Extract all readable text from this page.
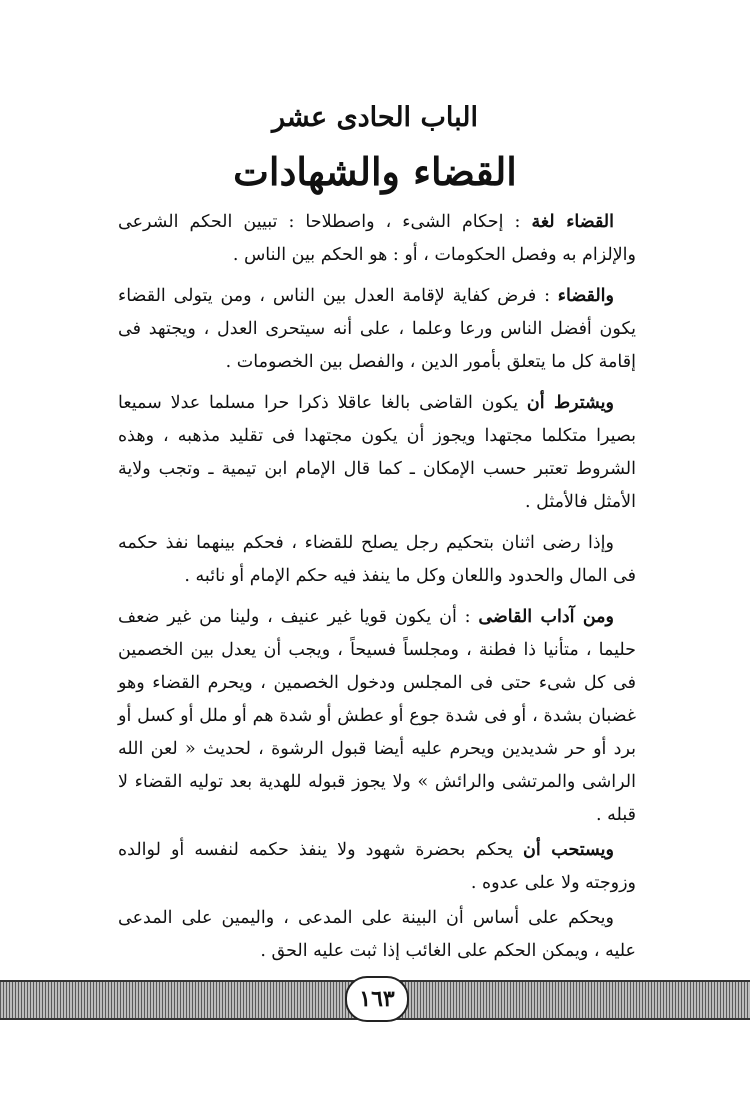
الباب الحادى عشر
القضاء والشهادات

القضاء لغة : إحكام الشىء ، واصطلاحا : تبيين الحكم الشرعى والإلزام به وفصل الحكومات ، أو : هو الحكم بين الناس .

والقضاء : فرض كفاية لإقامة العدل بين الناس ، ومن يتولى القضاء يكون أفضل الناس ورعا وعلما ، على أنه سيتحرى العدل ، ويجتهد فى إقامة كل ما يتعلق بأمور الدين ، والفصل بين الخصومات .

ويشترط أن يكون القاضى بالغا عاقلا ذكرا حرا مسلما عدلا سميعا بصيرا متكلما مجتهدا ويجوز أن يكون مجتهدا فى تقليد مذهبه ، وهذه الشروط تعتبر حسب الإمكان ـ كما قال الإمام ابن تيمية ـ وتجب ولاية الأمثل فالأمثل .

وإذا رضى اثنان بتحكيم رجل يصلح للقضاء ، فحكم بينهما نفذ حكمه فى المال والحدود واللعان وكل ما ينفذ فيه حكم الإمام أو نائبه .

ومن آداب القاضى : أن يكون قويا غير عنيف ، ولينا من غير ضعف حليما ، متأنيا ذا فطنة ، ومجلساً فسيحاً ، ويجب أن يعدل بين الخصمين فى كل شىء حتى فى المجلس ودخول الخصمين ، ويحرم القضاء وهو غضبان بشدة ، أو فى شدة جوع أو عطش أو شدة هم أو ملل أو كسل أو برد أو حر شديدين ويحرم عليه أيضا قبول الرشوة ، لحديث « لعن الله الراشى والمرتشى والرائش » ولا يجوز قبوله للهدية بعد توليه القضاء لا قبله .

ويستحب أن يحكم بحضرة شهود ولا ينفذ حكمه لنفسه أو لوالده وزوجته ولا على عدوه .

ويحكم على أساس أن البينة على المدعى ، واليمين على المدعى عليه ، ويمكن الحكم على الغائب إذا ثبت عليه الحق .

١٦٣
